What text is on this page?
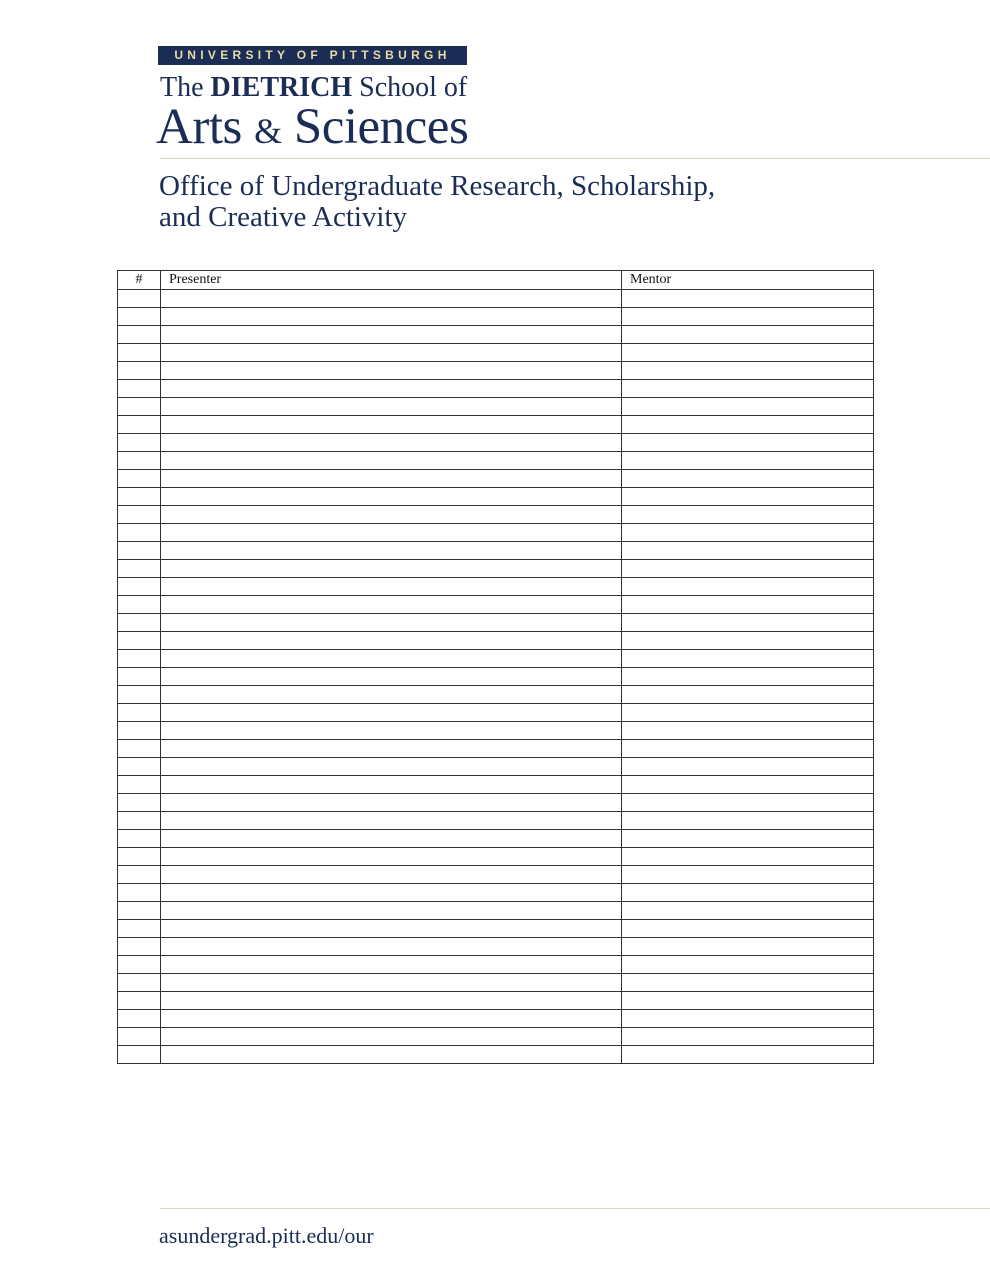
UNIVERSITY OF PITTSBURGH
The DIETRICH School of
Arts & Sciences
Office of Undergraduate Research, Scholarship,
and Creative Activity
#	Presenter	Mentor

asundergrad.pitt.edu/our
